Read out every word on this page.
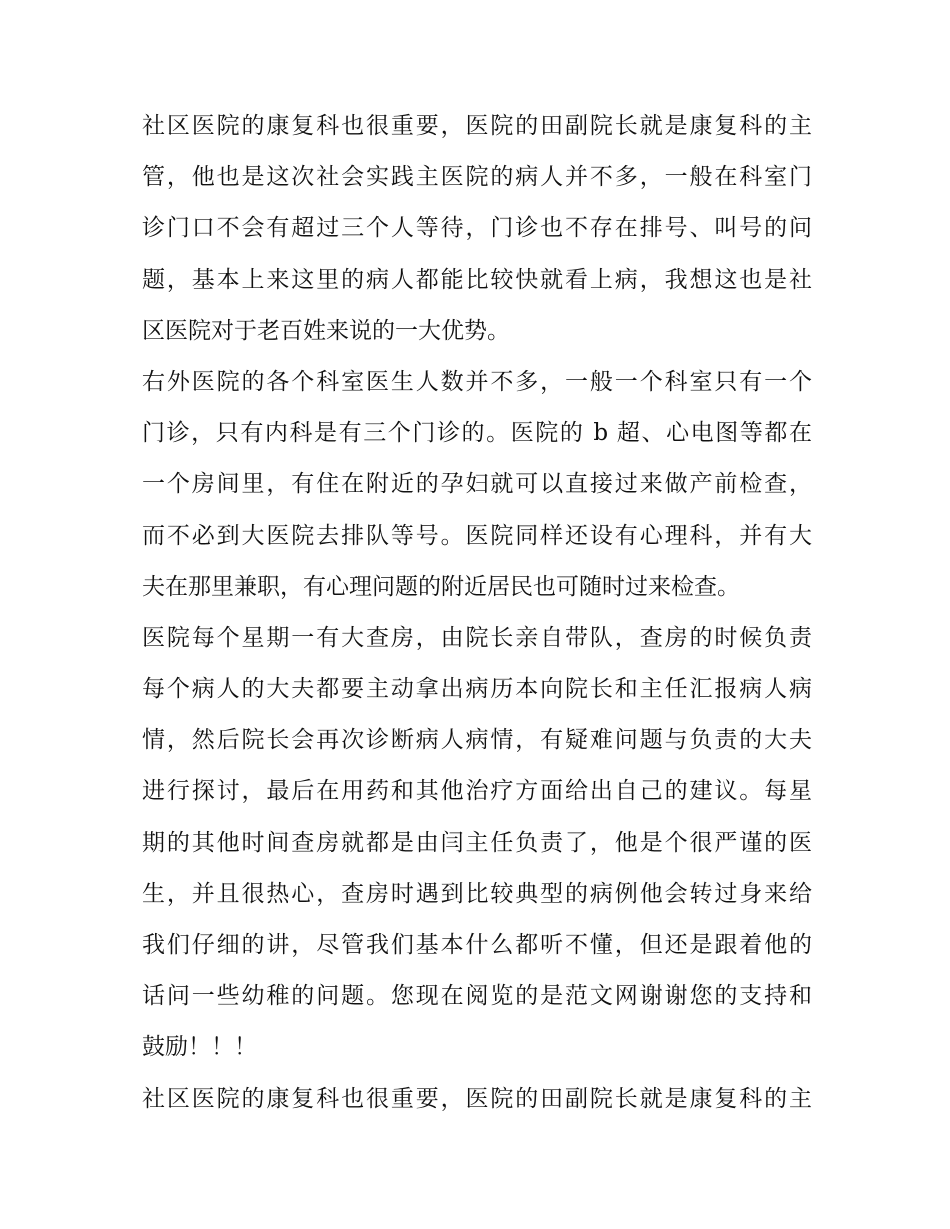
社区医院的康复科也很重要，医院的田副院长就是康复科的主
管，他也是这次社会实践主医院的病人并不多，一般在科室门
诊门口不会有超过三个人等待，门诊也不存在排号、叫号的问
题，基本上来这里的病人都能比较快就看上病，我想这也是社
区医院对于老百姓来说的一大优势。
右外医院的各个科室医生人数并不多，一般一个科室只有一个
门诊，只有内科是有三个门诊的。医院的 b 超、心电图等都在
一个房间里，有住在附近的孕妇就可以直接过来做产前检查，
而不必到大医院去排队等号。医院同样还设有心理科，并有大
夫在那里兼职，有心理问题的附近居民也可随时过来检查。
医院每个星期一有大查房，由院长亲自带队，查房的时候负责
每个病人的大夫都要主动拿出病历本向院长和主任汇报病人病
情，然后院长会再次诊断病人病情，有疑难问题与负责的大夫
进行探讨，最后在用药和其他治疗方面给出自己的建议。每星
期的其他时间查房就都是由闫主任负责了，他是个很严谨的医
生，并且很热心，查房时遇到比较典型的病例他会转过身来给
我们仔细的讲，尽管我们基本什么都听不懂，但还是跟着他的
话问一些幼稚的问题。您现在阅览的是范文网谢谢您的支持和
鼓励！！！
社区医院的康复科也很重要，医院的田副院长就是康复科的主
